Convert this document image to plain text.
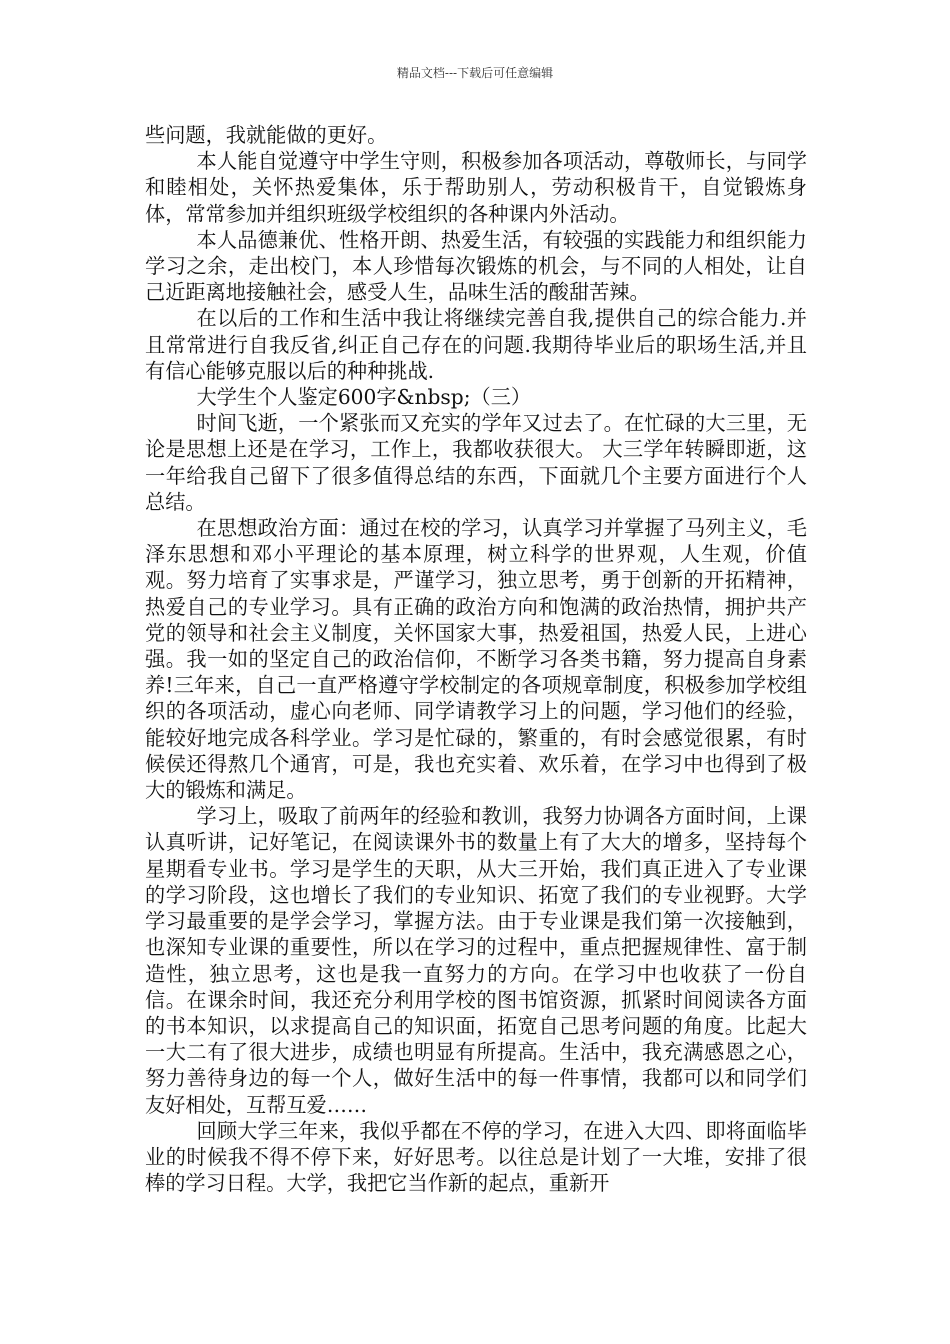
精品文档---下载后可任意编辑

些问题，我就能做的更好。

本人能自觉遵守中学生守则，积极参加各项活动，尊敬师长，与同学和睦相处，关怀热爱集体，乐于帮助别人，劳动积极肯干，自觉锻炼身体，常常参加并组织班级学校组织的各种课内外活动。

本人品德兼优、性格开朗、热爱生活，有较强的实践能力和组织能力学习之余，走出校门，本人珍惜每次锻炼的机会，与不同的人相处，让自己近距离地接触社会，感受人生，品味生活的酸甜苦辣。

在以后的工作和生活中我让将继续完善自我,提供自己的综合能力.并且常常进行自我反省,纠正自己存在的问题.我期待毕业后的职场生活,并且有信心能够克服以后的种种挑战.

大学生个人鉴定600字&nbsp;（三）

时间飞逝，一个紧张而又充实的学年又过去了。在忙碌的大三里，无论是思想上还是在学习，工作上，我都收获很大。 大三学年转瞬即逝，这一年给我自己留下了很多值得总结的东西，下面就几个主要方面进行个人总结。

在思想政治方面：通过在校的学习，认真学习并掌握了马列主义，毛泽东思想和邓小平理论的基本原理，树立科学的世界观，人生观，价值观。努力培育了实事求是，严谨学习，独立思考，勇于创新的开拓精神，热爱自己的专业学习。具有正确的政治方向和饱满的政治热情，拥护共产党的领导和社会主义制度，关怀国家大事，热爱祖国，热爱人民，上进心强。我一如的坚定自己的政治信仰，不断学习各类书籍，努力提高自身素养!三年来，自己一直严格遵守学校制定的各项规章制度，积极参加学校组织的各项活动，虚心向老师、同学请教学习上的问题，学习他们的经验，能较好地完成各科学业。学习是忙碌的，繁重的，有时会感觉很累，有时候侯还得熬几个通宵，可是，我也充实着、欢乐着，在学习中也得到了极大的锻炼和满足。

学习上，吸取了前两年的经验和教训，我努力协调各方面时间，上课认真听讲，记好笔记，在阅读课外书的数量上有了大大的增多，坚持每个星期看专业书。学习是学生的天职，从大三开始，我们真正进入了专业课的学习阶段，这也增长了我们的专业知识、拓宽了我们的专业视野。大学学习最重要的是学会学习，掌握方法。由于专业课是我们第一次接触到，也深知专业课的重要性，所以在学习的过程中，重点把握规律性、富于制造性，独立思考，这也是我一直努力的方向。在学习中也收获了一份自信。在课余时间，我还充分利用学校的图书馆资源，抓紧时间阅读各方面的书本知识，以求提高自己的知识面，拓宽自己思考问题的角度。比起大一大二有了很大进步，成绩也明显有所提高。生活中，我充满感恩之心，努力善待身边的每一个人，做好生活中的每一件事情，我都可以和同学们友好相处，互帮互爱……

回顾大学三年来，我似乎都在不停的学习，在进入大四、即将面临毕业的时候我不得不停下来，好好思考。以往总是计划了一大堆，安排了很棒的学习日程。大学，我把它当作新的起点，重新开
